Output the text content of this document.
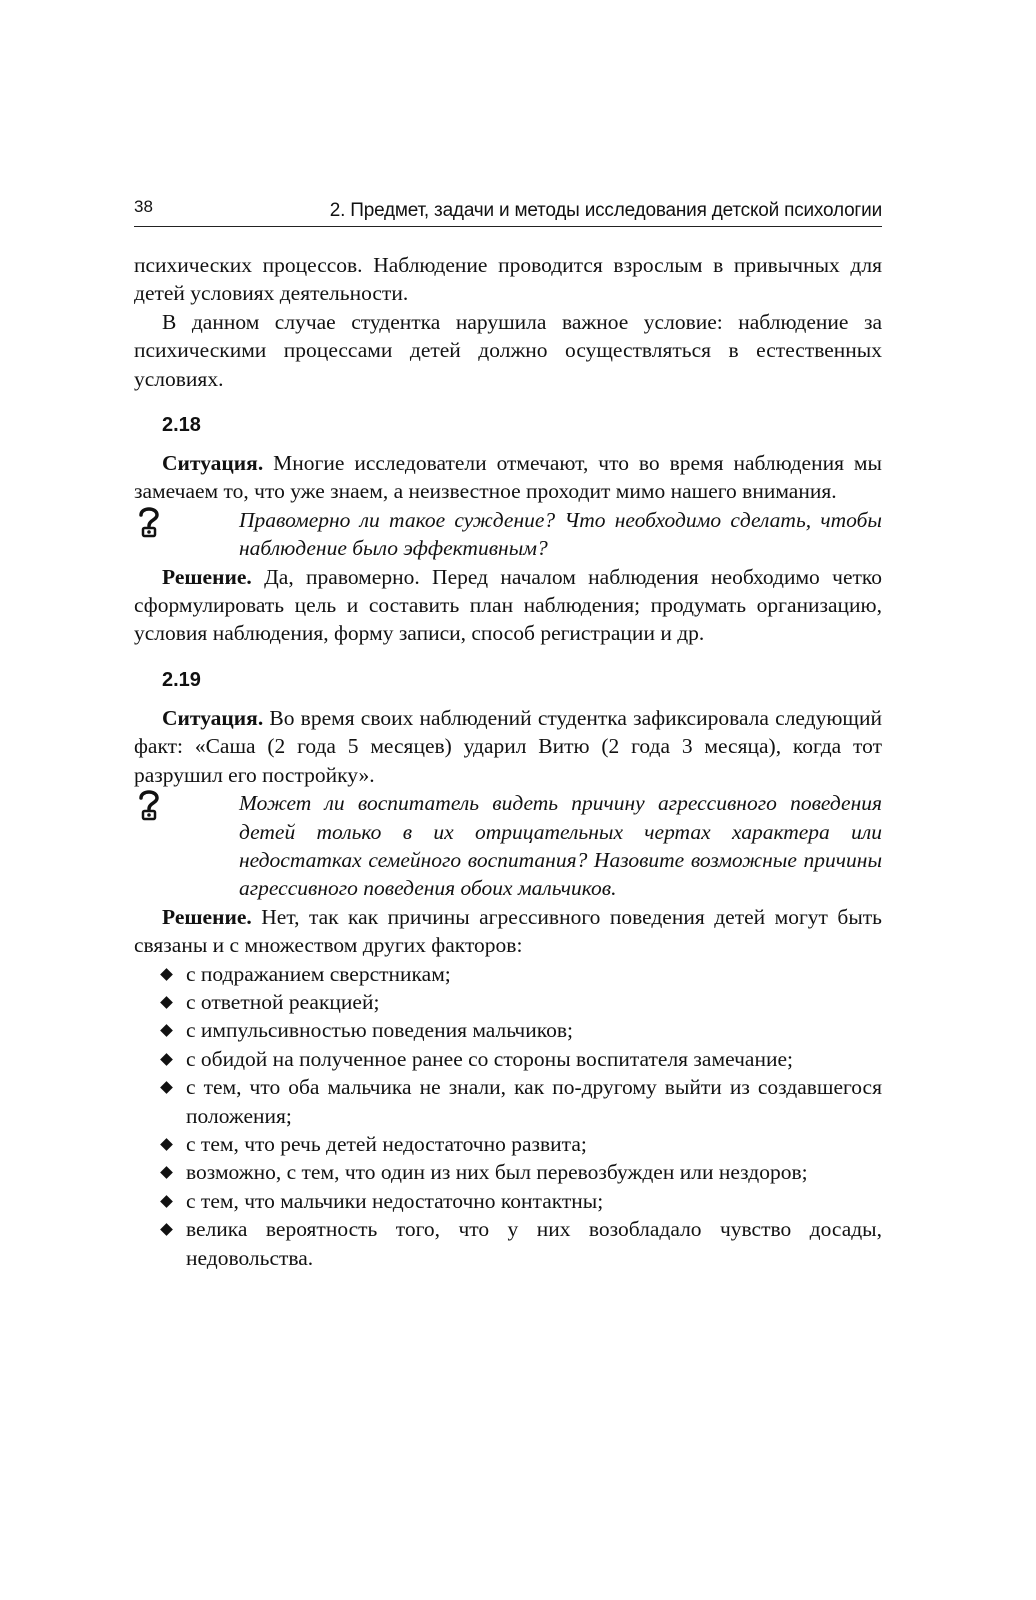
38	2. Предмет, задачи и методы исследования детской психологии

психических процессов. Наблюдение проводится взрослым в привычных для детей условиях деятельности.

В данном случае студентка нарушила важное условие: наблюдение за психическими процессами детей должно осуществляться в естественных условиях.

2.18

Ситуация. Многие исследователи отмечают, что во время наблюдения мы замечаем то, что уже знаем, а неизвестное проходит мимо нашего внимания.

Правомерно ли такое суждение? Что необходимо сделать, чтобы наблюдение было эффективным?

Решение. Да, правомерно. Перед началом наблюдения необходимо четко сформулировать цель и составить план наблюдения; продумать организацию, условия наблюдения, форму записи, способ регистрации и др.

2.19

Ситуация. Во время своих наблюдений студентка зафиксировала следующий факт: «Саша (2 года 5 месяцев) ударил Витю (2 года 3 месяца), когда тот разрушил его постройку».

Может ли воспитатель видеть причину агрессивного поведения детей только в их отрицательных чертах характера или недостатках семейного воспитания? Назовите возможные причины агрессивного поведения обоих мальчиков.

Решение. Нет, так как причины агрессивного поведения детей могут быть связаны и с множеством других факторов:

с подражанием сверстникам;
с ответной реакцией;
с импульсивностью поведения мальчиков;
с обидой на полученное ранее со стороны воспитателя замечание;
с тем, что оба мальчика не знали, как по-другому выйти из создавшегося положения;
с тем, что речь детей недостаточно развита;
возможно, с тем, что один из них был перевозбужден или нездоров;
с тем, что мальчики недостаточно контактны;
велика вероятность того, что у них возобладало чувство досады, недовольства.
